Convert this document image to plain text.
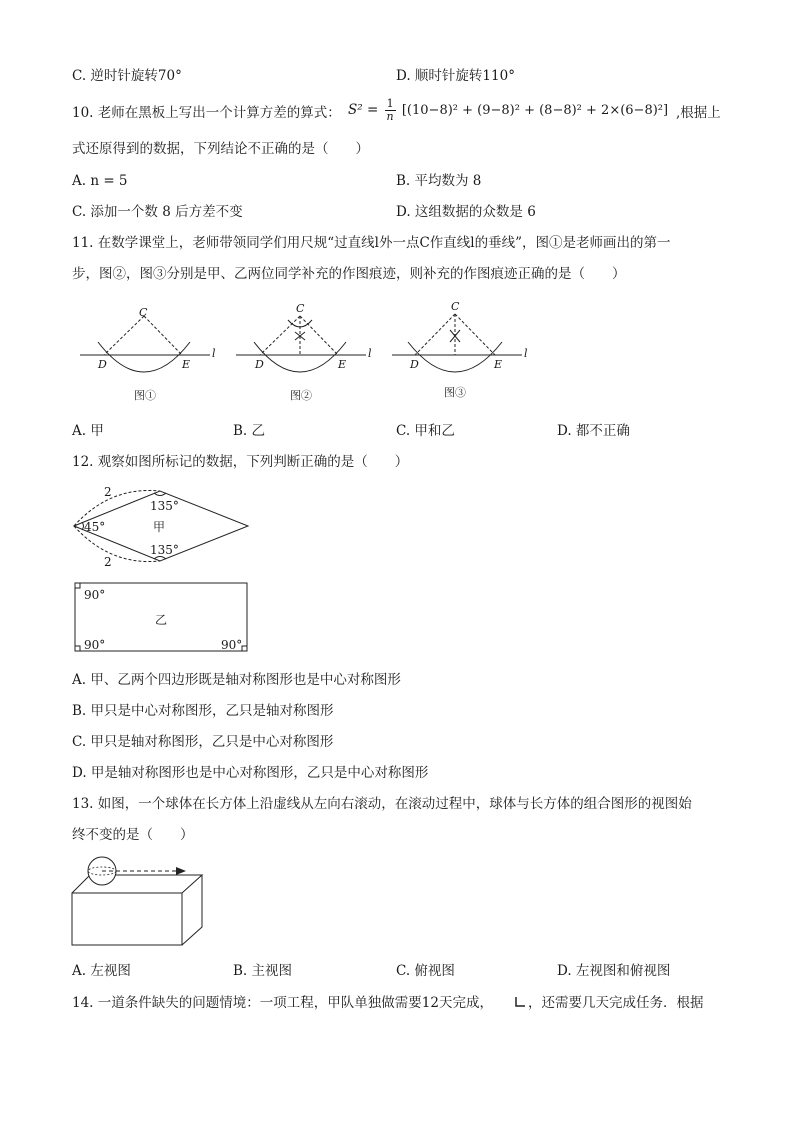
C. 逆时针旋转70°	D. 顺时针旋转110°
10. 老师在黑板上写出一个计算方差的算式： $S^2 = \frac{1}{n} [(10-8)^2 + (9-8)^2 + (8-8)^2 + 2\times(6-8)^2]$ ,根据上
式还原得到的数据，下列结论不正确的是（　　）
A. n = 5	B. 平均数为 8
C. 添加一个数 8 后方差不变	D. 这组数据的众数是 6
11. 在数学课堂上，老师带领同学们用尺规“过直线l外一点C作直线l的垂线”，图①是老师画出的第一
步，图②，图③分别是甲、乙两位同学补充的作图痕迹，则补充的作图痕迹正确的是（　　）
C
D	E
l
图①
C
D	E
l
图②
C
D	E
l
图③
A. 甲	B. 乙	C. 甲和乙	D. 都不正确
12. 观察如图所标记的数据，下列判断正确的是（　　）
2
135°
45°	甲
135°
2
90°
乙
90°	90°
A. 甲、乙两个四边形既是轴对称图形也是中心对称图形
B. 甲只是中心对称图形，乙只是轴对称图形
C. 甲只是轴对称图形，乙只是中心对称图形
D. 甲是轴对称图形也是中心对称图形，乙只是中心对称图形
13. 如图，一个球体在长方体上沿虚线从左向右滚动，在滚动过程中，球体与长方体的组合图形的视图始
终不变的是（　　）
A. 左视图	B. 主视图	C. 俯视图	D. 左视图和俯视图
14. 一道条件缺失的问题情境：一项工程，甲队单独做需要12天完成，	，还需要几天完成任务．根据
